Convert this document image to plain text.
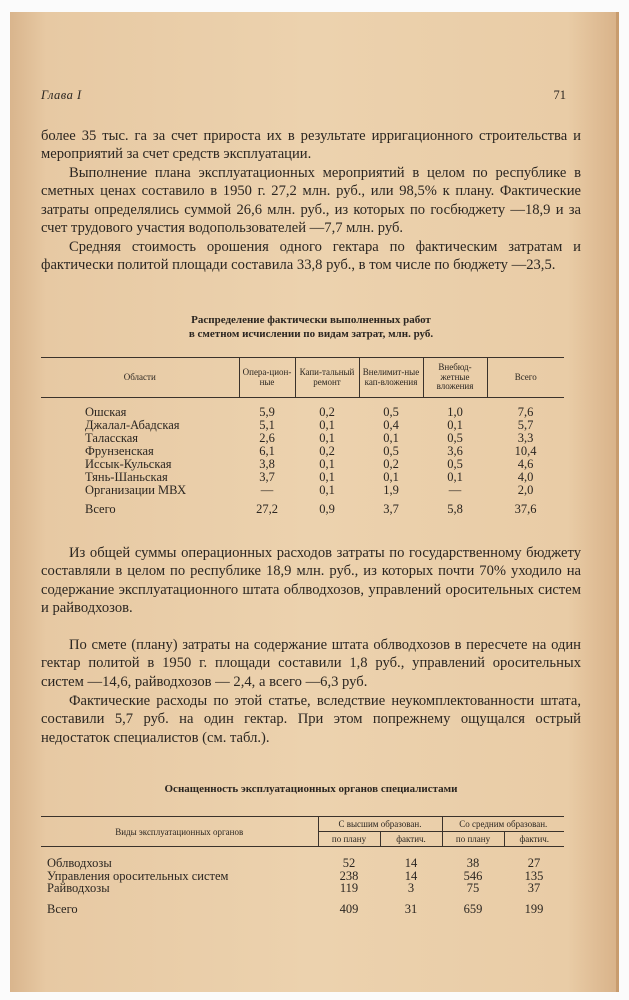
Глава I	71

более 35 тыс. га за счет прироста их в результате ирригационного строительства и мероприятий за счет средств эксплуатации.

Выполнение плана эксплуатационных мероприятий в целом по республике в сметных ценах составило в 1950 г. 27,2 млн. руб., или 98,5% к плану. Фактические затраты определялись суммой 26,6 млн. руб., из которых по госбюджету —18,9 и за счет трудового участия водопользователей —7,7 млн. руб.

Средняя стоимость орошения одного гектара по фактическим затратам и фактически политой площади составила 33,8 руб., в том числе по бюджету —23,5.

Распределение фактически выполненных работ
в сметном исчислении по видам затрат, млн. руб.
Области	Опера-цион-ные	Капи-тальный ремонт	Внелимит-ные кап-вложения	Внебюд-жетные вложения	Всего

Ошская	5,9	0,2	0,5	1,0	7,6
Джалал-Абадская	5,1	0,1	0,4	0,1	5,7
Таласская	2,6	0,1	0,1	0,5	3,3
Фрунзенская	6,1	0,2	0,5	3,6	10,4
Иссык-Кульская	3,8	0,1	0,2	0,5	4,6
Тянь-Шаньская	3,7	0,1	0,1	0,1	4,0
Организации МВХ	—	0,1	1,9	—	2,0
Всего	27,2	0,9	3,7	5,8	37,6

Из общей суммы операционных расходов затраты по государственному бюджету составляли в целом по республике 18,9 млн. руб., из которых почти 70% уходило на содержание эксплуатационного штата облводхозов, управлений оросительных систем и райводхозов.

По смете (плану) затраты на содержание штата облводхозов в пересчете на один гектар политой в 1950 г. площади составили 1,8 руб., управлений оросительных систем —14,6, райводхозов — 2,4, а всего —6,3 руб.

Фактические расходы по этой статье, вследствие неукомплектованности штата, составили 5,7 руб. на один гектар. При этом попрежнему ощущался острый недостаток специалистов (см. табл.).

Оснащенность эксплуатационных органов специалистами
Виды эксплуатационных органов	С высшим образован.		Со средним образован.	
	по плану	фактич.	по плану	фактич.

Облводхозы	52	14	38	27
Управления оросительных систем	238	14	546	135
Райводхозы	119	3	75	37
Всего	409	31	659	199
